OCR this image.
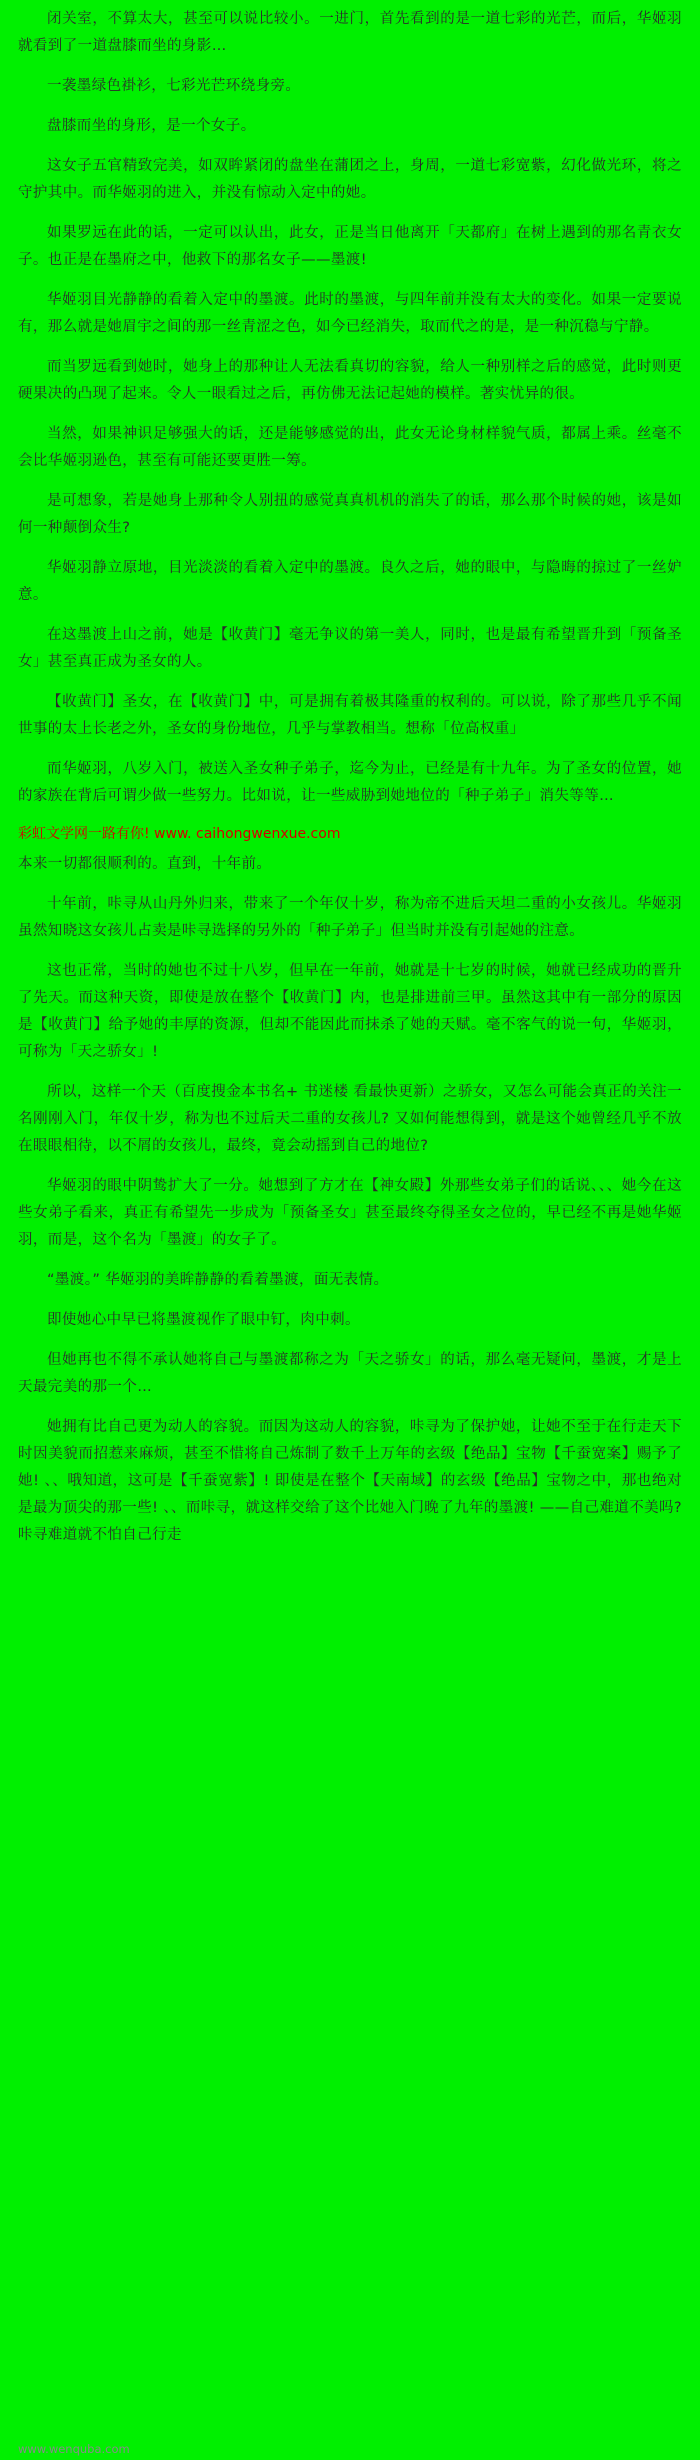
闭关室，不算太大，甚至可以说比较小。一进门，首先看到的是一道七彩的光芒，而后，华姬羽就看到了一道盘膝而坐的身影…

一袭墨绿色褂衫，七彩光芒环绕身旁。

盘膝而坐的身形，是一个女子。

这女子五官精致完美，如双眸紧闭的盘坐在蒲团之上，身周，一道七彩宽紫，幻化做光环，将之守护其中。而华姬羽的进入，并没有惊动入定中的她。

如果罗远在此的话，一定可以认出，此女，正是当日他离开「天都府」在树上遇到的那名青衣女子。也正是在墨府之中，他救下的那名女子——墨渡!

华姬羽目光静静的看着入定中的墨渡。此时的墨渡，与四年前并没有太大的变化。如果一定要说有，那么就是她眉宇之间的那一丝青涩之色，如今已经消失，取而代之的是，是一种沉稳与宁静。

而当罗远看到她时，她身上的那种让人无法看真切的容貌，给人一种别样之后的感觉，此时则更硬果决的凸现了起来。令人一眼看过之后，再仿佛无法记起她的模样。著实忧异的很。

当然，如果神识足够强大的话，还是能够感觉的出，此女无论身材样貌气质，都属上乘。丝毫不会比华姬羽逊色，甚至有可能还要更胜一筹。

是可想象，若是她身上那种令人别扭的感觉真真机机的消失了的话，那么那个时候的她，该是如何一种颠倒众生?

华姬羽静立原地，目光淡淡的看着入定中的墨渡。良久之后，她的眼中，与隐晦的掠过了一丝妒意。

在这墨渡上山之前，她是【收黄门】毫无争议的第一美人，同时，也是最有希望晋升到「预备圣女」甚至真正成为圣女的人。

【收黄门】圣女，在【收黄门】中，可是拥有着极其隆重的权利的。可以说，除了那些几乎不闻世事的太上长老之外，圣女的身份地位，几乎与掌教相当。想称「位高权重」

而华姬羽，八岁入门，被送入圣女种子弟子，迄今为止，已经是有十九年。为了圣女的位置，她的家族在背后可谓少做一些努力。比如说，让一些威胁到她地位的「种子弟子」消失等等…

彩虹文学网一路有你! www. caihongwenxue.com

本来一切都很顺利的。直到，十年前。

十年前，咔寻从山丹外归来，带来了一个年仅十岁，称为帝不进后天坦二重的小女孩儿。华姬羽虽然知晓这女孩儿占卖是咔寻选择的另外的「种子弟子」但当时并没有引起她的注意。

这也正常，当时的她也不过十八岁，但早在一年前，她就是十七岁的时候，她就已经成功的晋升了先天。而这种天资，即使是放在整个【收黄门】内，也是排进前三甲。虽然这其中有一部分的原因是【收黄门】给予她的丰厚的资源，但却不能因此而抹杀了她的天赋。毫不客气的说一句，华姬羽，可称为「天之骄女」!

所以，这样一个天（百度搜金本书名+ 书迷楼 看最快更新）之骄女，又怎么可能会真正的关注一名刚刚入门，年仅十岁，称为也不过后天二重的女孩儿? 又如何能想得到，就是这个她曾经几乎不放在眼眼相待，以不屑的女孩儿，最终，竟会动摇到自己的地位?

华姬羽的眼中阴鸷扩大了一分。她想到了方才在【神女殿】外那些女弟子们的话说、、、她今在这些女弟子看来，真正有希望先一步成为「预备圣女」甚至最终夺得圣女之位的，早已经不再是她华姬羽，而是，这个名为「墨渡」的女子了。

“墨渡。” 华姬羽的美眸静静的看着墨渡，面无表情。

即使她心中早已将墨渡视作了眼中钉，肉中刺。

但她再也不得不承认她将自己与墨渡都称之为「天之骄女」的话，那么毫无疑问，墨渡，才是上天最完美的那一个…

她拥有比自己更为动人的容貌。而因为这动人的容貌，咔寻为了保护她，让她不至于在行走天下时因美貌而招惹来麻烦，甚至不惜将自己炼制了数千上万年的玄级【绝品】宝物【千蚕宽案】赐予了她! 、、哦知道，这可是【千蚕宽紫】! 即使是在整个【天南域】的玄级【绝品】宝物之中，那也绝对是最为顶尖的那一些! 、、而咔寻，就这样交给了这个比她入门晚了九年的墨渡! ——自己难道不美吗? 咔寻难道就不怕自己行走

www.wenquba.com
